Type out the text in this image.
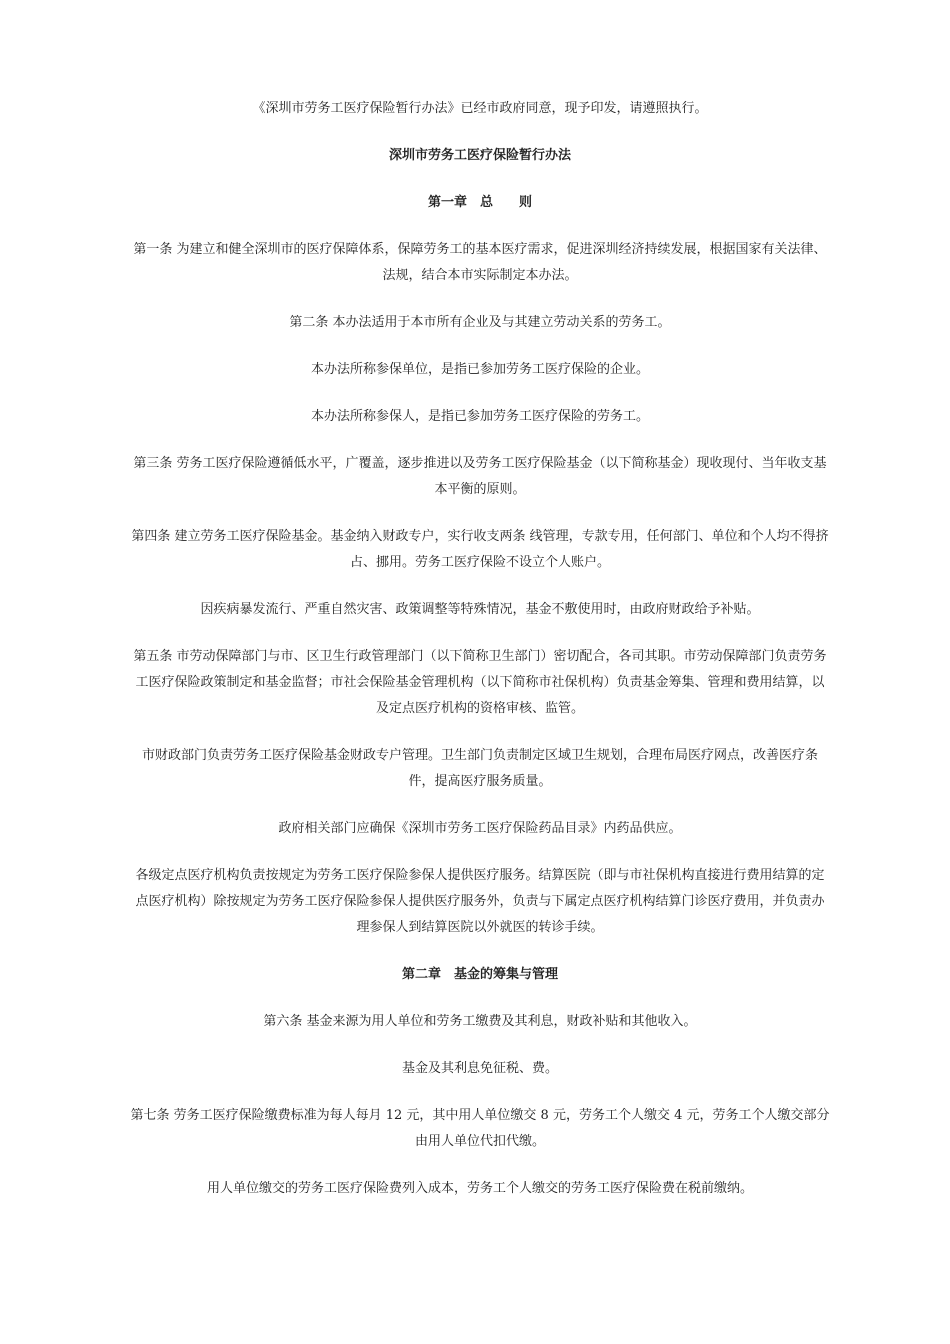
《深圳市劳务工医疗保险暂行办法》已经市政府同意，现予印发，请遵照执行。

深圳市劳务工医疗保险暂行办法

第一章　总　　则

第一条 为建立和健全深圳市的医疗保障体系，保障劳务工的基本医疗需求，促进深圳经济持续发展，根据国家有关法律、法规，结合本市实际制定本办法。

第二条 本办法适用于本市所有企业及与其建立劳动关系的劳务工。

本办法所称参保单位，是指已参加劳务工医疗保险的企业。

本办法所称参保人，是指已参加劳务工医疗保险的劳务工。

第三条 劳务工医疗保险遵循低水平，广覆盖，逐步推进以及劳务工医疗保险基金（以下简称基金）现收现付、当年收支基本平衡的原则。

第四条 建立劳务工医疗保险基金。基金纳入财政专户，实行收支两条 线管理，专款专用，任何部门、单位和个人均不得挤占、挪用。劳务工医疗保险不设立个人账户。

因疾病暴发流行、严重自然灾害、政策调整等特殊情况，基金不敷使用时，由政府财政给予补贴。

第五条 市劳动保障部门与市、区卫生行政管理部门（以下简称卫生部门）密切配合，各司其职。市劳动保障部门负责劳务工医疗保险政策制定和基金监督；市社会保险基金管理机构（以下简称市社保机构）负责基金筹集、管理和费用结算，以及定点医疗机构的资格审核、监管。

市财政部门负责劳务工医疗保险基金财政专户管理。卫生部门负责制定区域卫生规划，合理布局医疗网点，改善医疗条 件，提高医疗服务质量。

政府相关部门应确保《深圳市劳务工医疗保险药品目录》内药品供应。

各级定点医疗机构负责按规定为劳务工医疗保险参保人提供医疗服务。结算医院（即与市社保机构直接进行费用结算的定点医疗机构）除按规定为劳务工医疗保险参保人提供医疗服务外，负责与下属定点医疗机构结算门诊医疗费用，并负责办理参保人到结算医院以外就医的转诊手续。

第二章　基金的筹集与管理

第六条 基金来源为用人单位和劳务工缴费及其利息，财政补贴和其他收入。

基金及其利息免征税、费。

第七条 劳务工医疗保险缴费标准为每人每月 12 元，其中用人单位缴交 8 元，劳务工个人缴交 4 元，劳务工个人缴交部分由用人单位代扣代缴。

用人单位缴交的劳务工医疗保险费列入成本，劳务工个人缴交的劳务工医疗保险费在税前缴纳。
